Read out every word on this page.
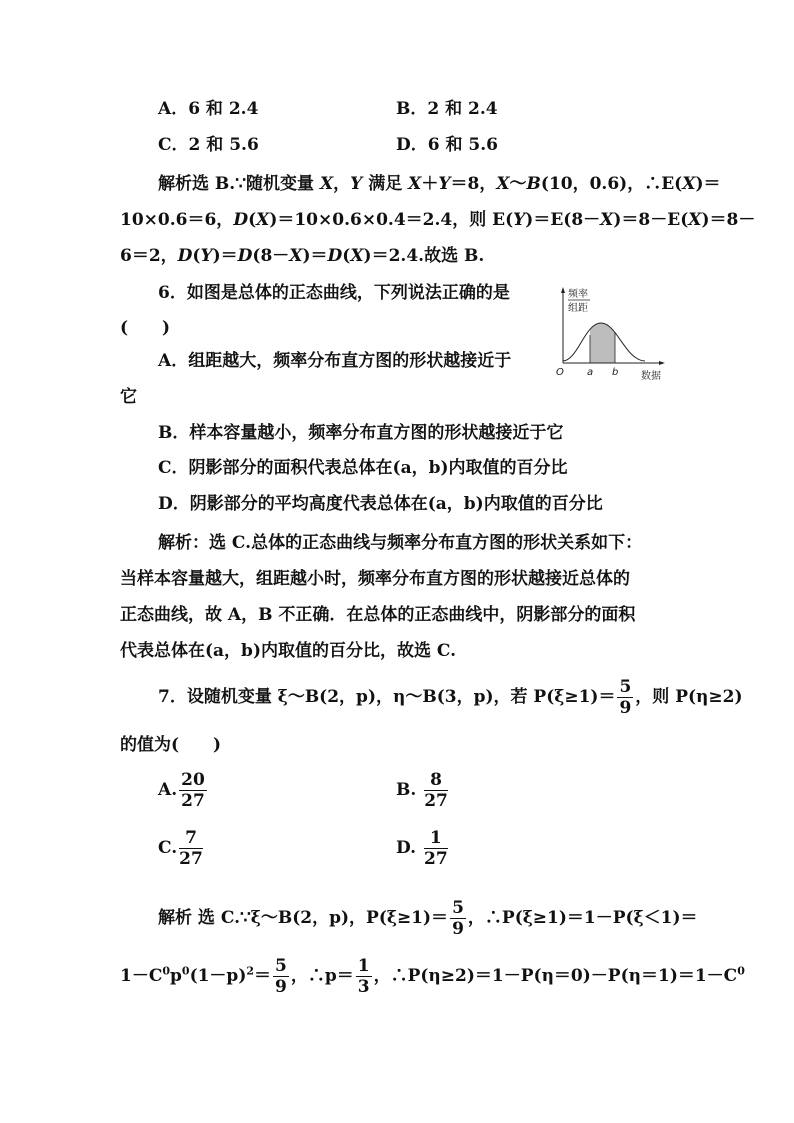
A．6 和 2.4	B．2 和 2.4
C．2 和 5.6	D．6 和 5.6
解析选 B.∵随机变量 X，Y 满足 X＋Y＝8，X～B(10，0.6)，∴E(X)＝
10×0.6＝6，D(X)＝10×0.6×0.4＝2.4，则 E(Y)＝E(8－X)＝8－E(X)＝8－
6＝2，D(Y)＝D(8－X)＝D(X)＝2.4.故选 B.
6．如图是总体的正态曲线，下列说法正确的是
(　　)
A．组距越大，频率分布直方图的形状越接近于
它
B．样本容量越小，频率分布直方图的形状越接近于它
C．阴影部分的面积代表总体在(a，b)内取值的百分比
D．阴影部分的平均高度代表总体在(a，b)内取值的百分比
解析：选 C.总体的正态曲线与频率分布直方图的形状关系如下：
当样本容量越大，组距越小时，频率分布直方图的形状越接近总体的
正态曲线，故 A，B 不正确．在总体的正态曲线中，阴影部分的面积
代表总体在(a，b)内取值的百分比，故选 C.
频率
组距
O a b 数据
7．设随机变量 ξ～B(2，p)，η～B(3，p)，若 $P(\xi\ge 1)= \frac{5}{9}$ ，则 P(η≥2)
的值为(　　)
A. $\frac{20}{27}$	B. $\frac{8}{27}$
C. $\frac{7}{27}$	D. $\frac{1}{27}$
解析 选 C.∵ξ～B(2，p)，$P(\xi\ge 1)= \frac{5}{9}$ ，∴P(ξ≥1)＝1－P(ξ＜1)＝
$1-C^0p^0(1-p)^2= \frac{5}{9}$ ，∴p＝ $\frac{1}{3}$ ，$\therefore P(\eta\ge 2)=1-P(\eta=0)-P(\eta=1)=1-C^0$
